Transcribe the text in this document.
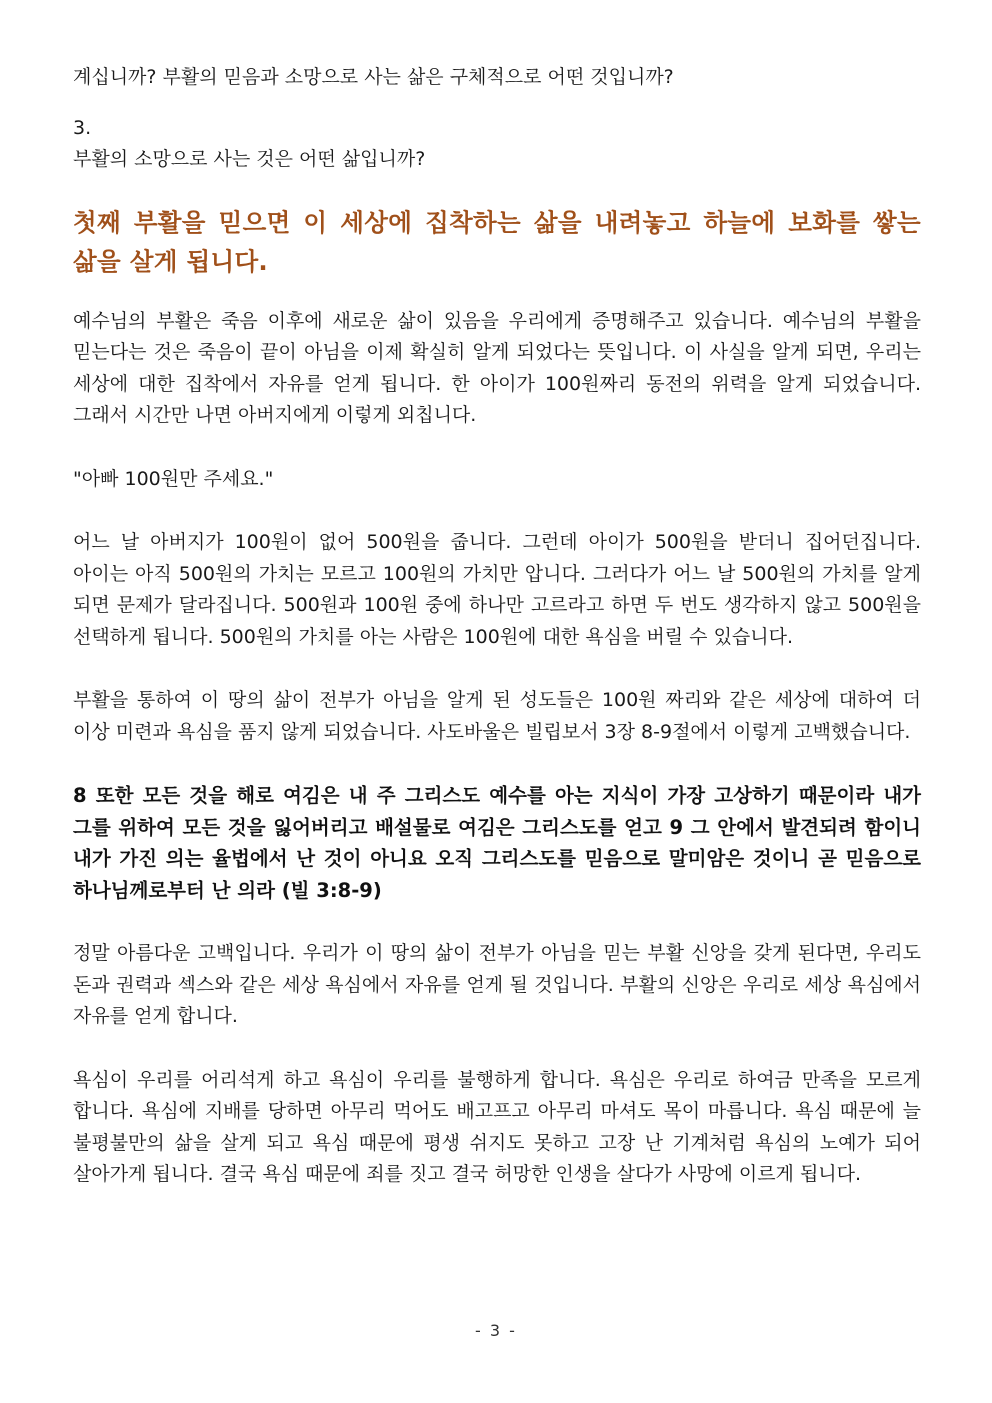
계십니까? 부활의 믿음과 소망으로 사는 삶은 구체적으로 어떤 것입니까?

3.

부활의 소망으로 사는 것은 어떤 삶입니까?

첫째 부활을 믿으면 이 세상에 집착하는 삶을 내려놓고 하늘에 보화를 쌓는 삶을 살게 됩니다.

예수님의 부활은 죽음 이후에 새로운 삶이 있음을 우리에게 증명해주고 있습니다. 예수님의 부활을 믿는다는 것은 죽음이 끝이 아님을 이제 확실히 알게 되었다는 뜻입니다. 이 사실을 알게 되면, 우리는 세상에 대한 집착에서 자유를 얻게 됩니다. 한 아이가 100원짜리 동전의 위력을 알게 되었습니다. 그래서 시간만 나면 아버지에게 이렇게 외칩니다.

"아빠 100원만 주세요."

어느 날 아버지가 100원이 없어 500원을 줍니다. 그런데 아이가 500원을 받더니 집어던집니다. 아이는 아직 500원의 가치는 모르고 100원의 가치만 압니다. 그러다가 어느 날 500원의 가치를 알게 되면 문제가 달라집니다. 500원과 100원 중에 하나만 고르라고 하면 두 번도 생각하지 않고 500원을 선택하게 됩니다. 500원의 가치를 아는 사람은 100원에 대한 욕심을 버릴 수 있습니다.

부활을 통하여 이 땅의 삶이 전부가 아님을 알게 된 성도들은 100원 짜리와 같은 세상에 대하여 더 이상 미련과 욕심을 품지 않게 되었습니다. 사도바울은 빌립보서 3장 8-9절에서 이렇게 고백했습니다.

8 또한 모든 것을 해로 여김은 내 주 그리스도 예수를 아는 지식이 가장 고상하기 때문이라 내가 그를 위하여 모든 것을 잃어버리고 배설물로 여김은 그리스도를 얻고 9 그 안에서 발견되려 함이니 내가 가진 의는 율법에서 난 것이 아니요 오직 그리스도를 믿음으로 말미암은 것이니 곧 믿음으로 하나님께로부터 난 의라 (빌 3:8-9)

정말 아름다운 고백입니다. 우리가 이 땅의 삶이 전부가 아님을 믿는 부활 신앙을 갖게 된다면, 우리도 돈과 권력과 섹스와 같은 세상 욕심에서 자유를 얻게 될 것입니다. 부활의 신앙은 우리로 세상 욕심에서 자유를 얻게 합니다.

욕심이 우리를 어리석게 하고 욕심이 우리를 불행하게 합니다. 욕심은 우리로 하여금 만족을 모르게 합니다. 욕심에 지배를 당하면 아무리 먹어도 배고프고 아무리 마셔도 목이 마릅니다. 욕심 때문에 늘 불평불만의 삶을 살게 되고 욕심 때문에 평생 쉬지도 못하고 고장 난 기계처럼 욕심의 노예가 되어 살아가게 됩니다. 결국 욕심 때문에 죄를 짓고 결국 허망한 인생을 살다가 사망에 이르게 됩니다.

- 3 -
